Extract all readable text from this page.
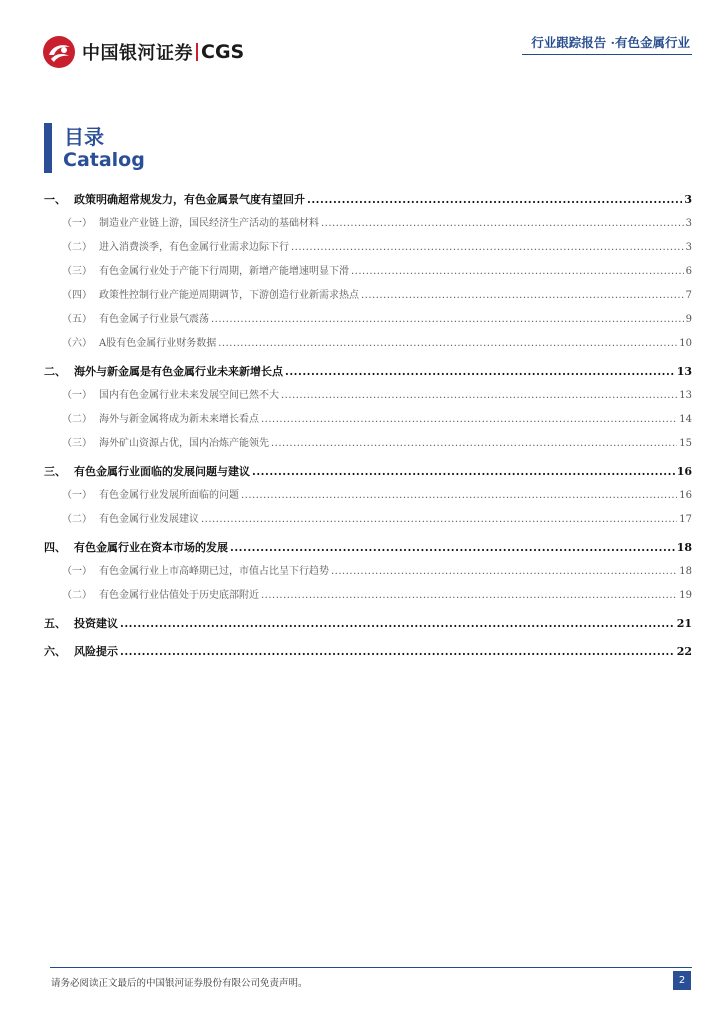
中国银河证券 CGS	行业跟踪报告 ·有色金属行业
目录
Catalog
一、 政策明确超常规发力，有色金属景气度有望回升 .....	3
（一） 制造业产业链上游，国民经济生产活动的基础材料 .....	3
（二） 进入消费淡季，有色金属行业需求边际下行 .....	3
（三） 有色金属行业处于产能下行周期，新增产能增速明显下滑 .....	6
（四） 政策性控制行业产能逆周期调节，下游创造行业新需求热点 .....	7
（五） 有色金属子行业景气震荡 .....	9
（六） A股有色金属行业财务数据 .....	10
二、 海外与新金属是有色金属行业未来新增长点 .....	13
（一） 国内有色金属行业未来发展空间已然不大 .....	13
（二） 海外与新金属将成为新未来增长看点 .....	14
（三） 海外矿山资源占优，国内冶炼产能领先 .....	15
三、 有色金属行业面临的发展问题与建议 .....	16
（一） 有色金属行业发展所面临的问题 .....	16
（二） 有色金属行业发展建议 .....	17
四、 有色金属行业在资本市场的发展 .....	18
（一） 有色金属行业上市高峰期已过，市值占比呈下行趋势 .....	18
（二） 有色金属行业估值处于历史底部附近 .....	19
五、 投资建议 .....	21
六、 风险提示 .....	22
请务必阅读正文最后的中国银河证券股份有限公司免责声明。	2
